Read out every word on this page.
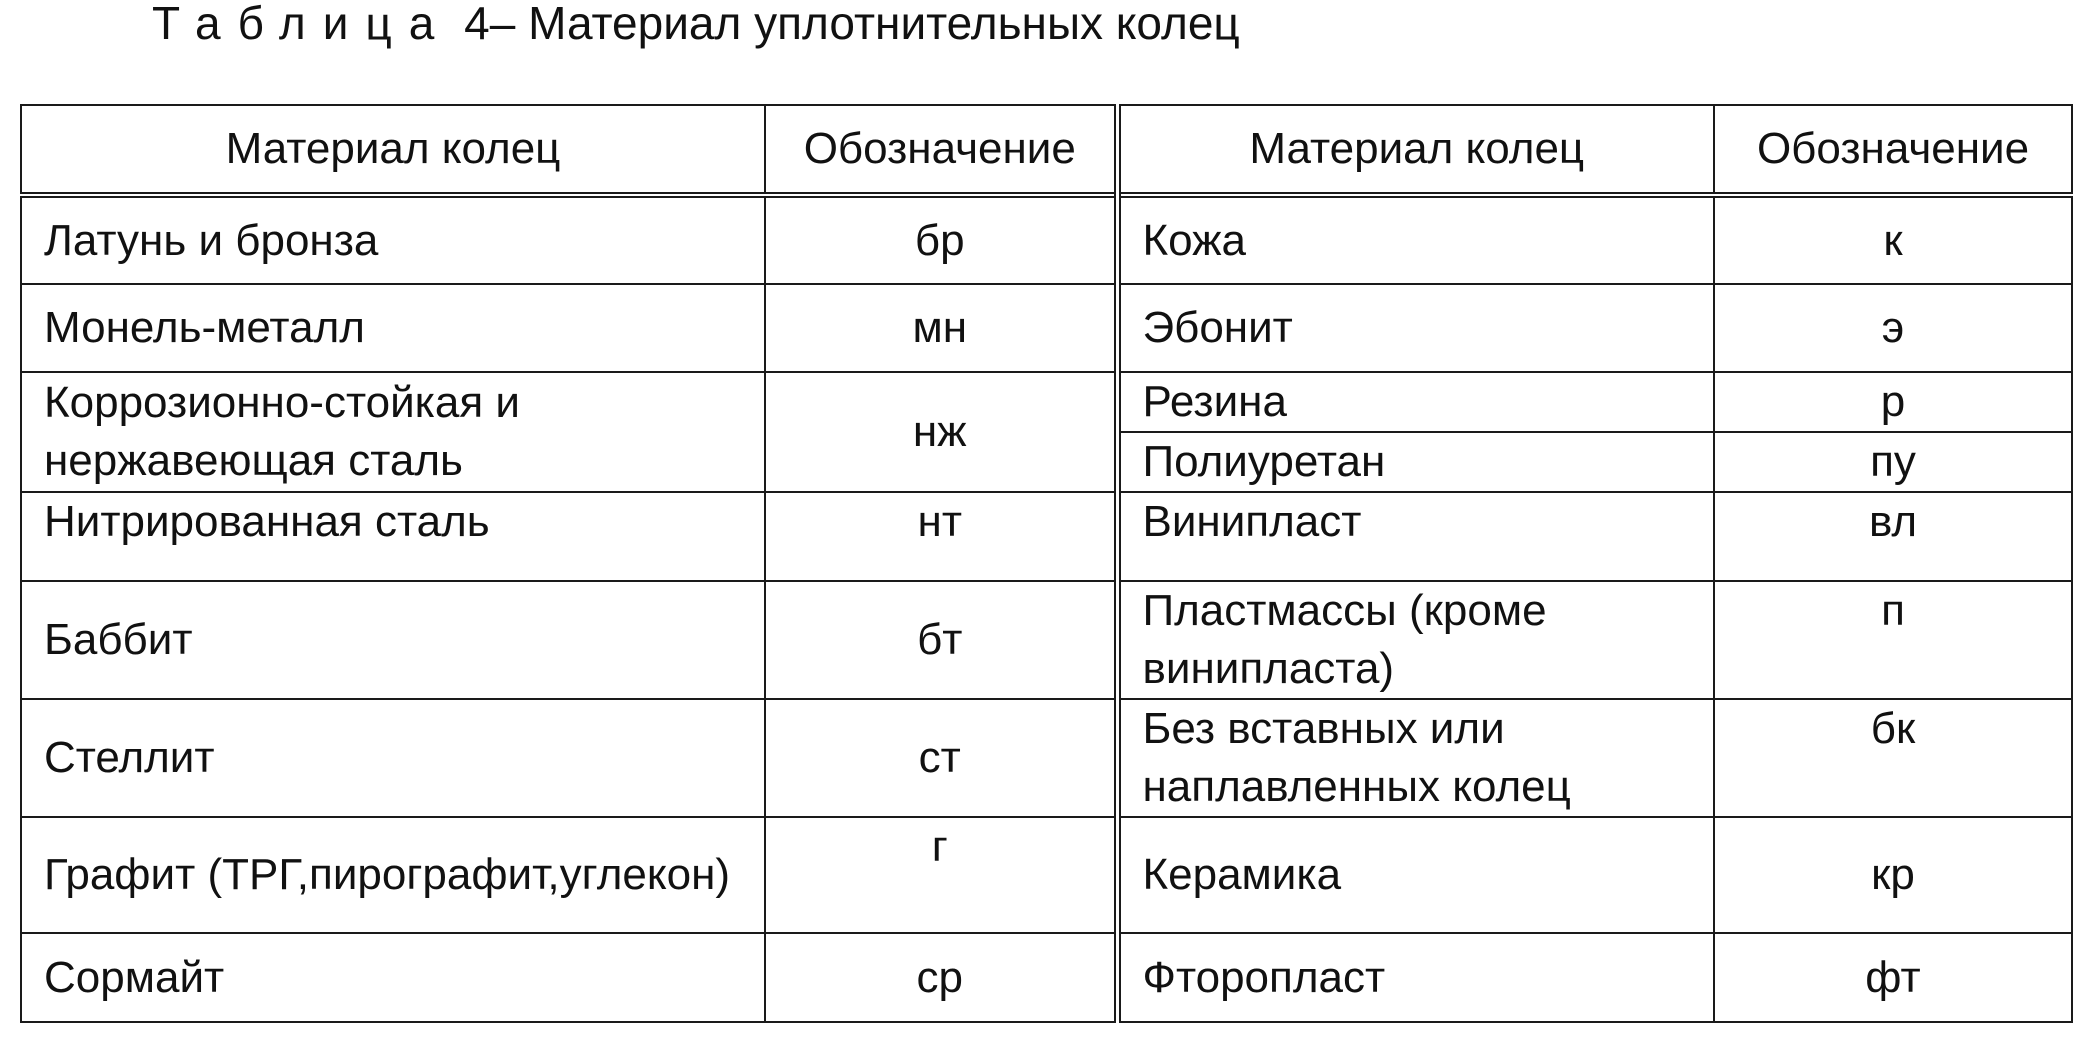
Таблица 4– Материал уплотнительных колец
Материал колец	Обозначение	Материал колец	Обозначение
Латунь и бронза	бр	Кожа	к
Монель-металл	мн	Эбонит	э
Коррозионно-стойкая и нержавеющая сталь	нж	Резина	р
		Полиуретан	пу
Нитрированная сталь	нт	Винипласт	вл
Баббит	бт	Пластмассы (кроме винипласта)	п
Стеллит	ст	Без вставных или наплавленных колец	бк
Графит (ТРГ,пирографит,углекон)	г	Керамика	кр
Сормайт	ср	Фторопласт	фт
